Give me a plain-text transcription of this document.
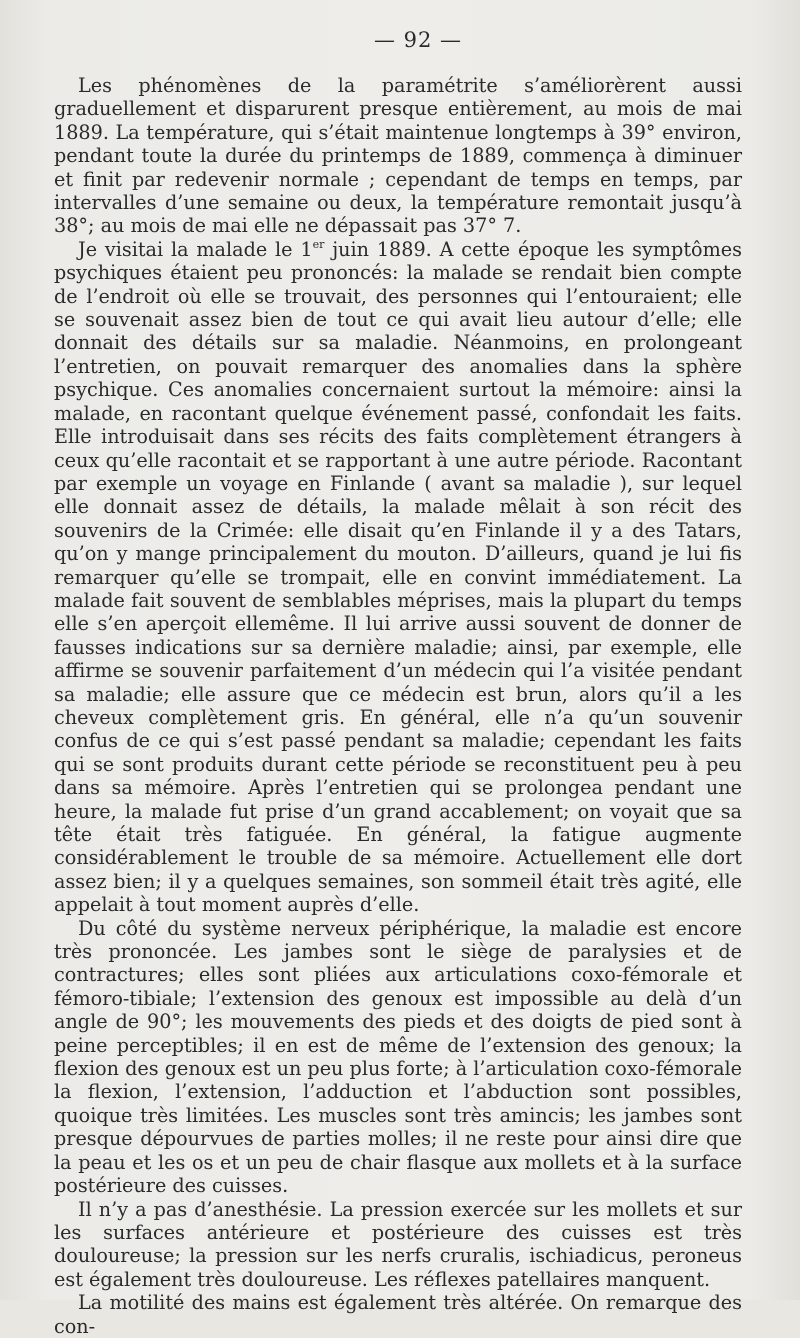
— 92 —

Les phénomènes de la paramétrite s’améliorèrent aussi graduellement et disparurent presque entièrement, au mois de mai 1889. La température, qui s’était maintenue longtemps à 39° environ, pendant toute la durée du printemps de 1889, commença à diminuer et finit par redevenir normale ; cependant de temps en temps, par intervalles d’une semaine ou deux, la température remontait jusqu’à 38°; au mois de mai elle ne dépassait pas 37° 7.

Je visitai la malade le 1er juin 1889. A cette époque les symptômes psychiques étaient peu prononcés: la malade se rendait bien compte de l’endroit où elle se trouvait, des personnes qui l’entouraient; elle se souvenait assez bien de tout ce qui avait lieu autour d’elle; elle donnait des détails sur sa maladie. Néanmoins, en prolongeant l’entretien, on pouvait remarquer des anomalies dans la sphère psychique. Ces anomalies concernaient surtout la mémoire: ainsi la malade, en racontant quelque événement passé, confondait les faits. Elle introduisait dans ses récits des faits complètement étrangers à ceux qu’elle racontait et se rapportant à une autre période. Racontant par exemple un voyage en Finlande ( avant sa maladie ), sur lequel elle donnait assez de détails, la malade mêlait à son récit des souvenirs de la Crimée: elle disait qu’en Finlande il y a des Tatars, qu’on y mange principalement du mouton. D’ailleurs, quand je lui fis remarquer qu’elle se trompait, elle en convint immédiatement. La malade fait souvent de semblables méprises, mais la plupart du temps elle s’en aperçoit ellemême. Il lui arrive aussi souvent de donner de fausses indications sur sa dernière maladie; ainsi, par exemple, elle affirme se souvenir parfaitement d’un médecin qui l’a visitée pendant sa maladie; elle assure que ce médecin est brun, alors qu’il a les cheveux complètement gris. En général, elle n’a qu’un souvenir confus de ce qui s’est passé pendant sa maladie; cependant les faits qui se sont produits durant cette période se reconstituent peu à peu dans sa mémoire. Après l’entretien qui se prolongea pendant une heure, la malade fut prise d’un grand accablement; on voyait que sa tête était très fatiguée. En général, la fatigue augmente considérablement le trouble de sa mémoire. Actuellement elle dort assez bien; il y a quelques semaines, son sommeil était très agité, elle appelait à tout moment auprès d’elle.

Du côté du système nerveux périphérique, la maladie est encore très prononcée. Les jambes sont le siège de paralysies et de contractures; elles sont pliées aux articulations coxo-fémorale et fémoro-tibiale; l’extension des genoux est impossible au delà d’un angle de 90°; les mouvements des pieds et des doigts de pied sont à peine perceptibles; il en est de même de l’extension des genoux; la flexion des genoux est un peu plus forte; à l’articulation coxo-fémorale la flexion, l’extension, l’adduction et l’abduction sont possibles, quoique très limitées. Les muscles sont très amincis; les jambes sont presque dépourvues de parties molles; il ne reste pour ainsi dire que la peau et les os et un peu de chair flasque aux mollets et à la surface postérieure des cuisses.

Il n’y a pas d’anesthésie. La pression exercée sur les mollets et sur les surfaces antérieure et postérieure des cuisses est très douloureuse; la pression sur les nerfs cruralis, ischiadicus, peroneus est également très douloureuse. Les réflexes patellaires manquent.

La motilité des mains est également très altérée. On remarque des con-
